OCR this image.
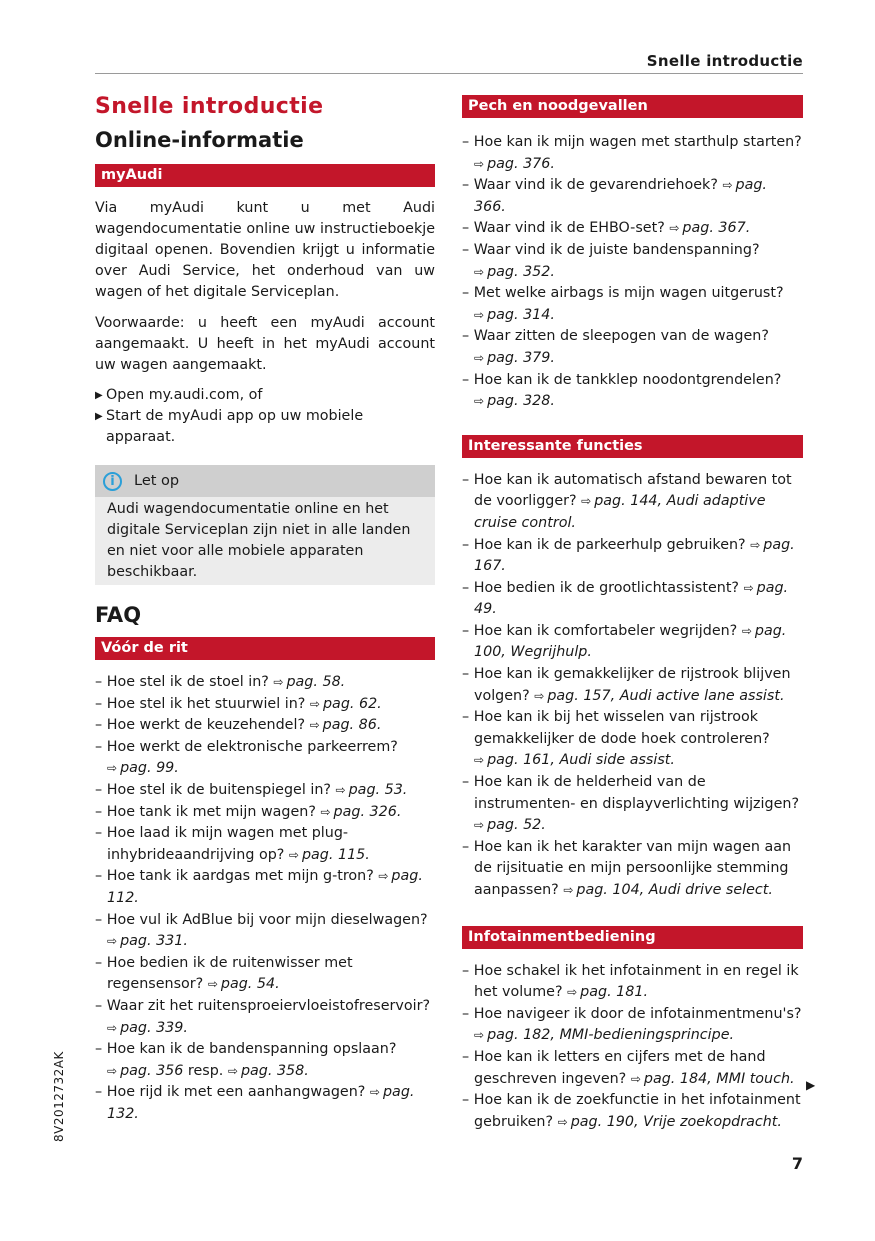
Snelle introductie
Snelle introductie
Online-informatie
myAudi

Via myAudi kunt u met Audi wagendocumentatie online uw instructieboekje digitaal openen. Bovendien krijgt u informatie over Audi Service, het onderhoud van uw wagen of het digitale Serviceplan.

Voorwaarde: u heeft een myAudi account aangemaakt. U heeft in het myAudi account uw wagen aangemaakt.

▶ Open my.audi.com, of
▶ Start de myAudi app op uw mobiele apparaat.
i	Let op
Audi wagendocumentatie online en het digitale Serviceplan zijn niet in alle landen en niet voor alle mobiele apparaten beschikbaar.
FAQ
Vóór de rit
– Hoe stel ik de stoel in? ⇨ pag. 58.
– Hoe stel ik het stuurwiel in? ⇨ pag. 62.
– Hoe werkt de keuzehendel? ⇨ pag. 86.
– Hoe werkt de elektronische parkeerrem? ⇨ pag. 99.
– Hoe stel ik de buitenspiegel in? ⇨ pag. 53.
– Hoe tank ik met mijn wagen? ⇨ pag. 326.
– Hoe laad ik mijn wagen met plug-inhybrideaandrijving op? ⇨ pag. 115.
– Hoe tank ik aardgas met mijn g-tron? ⇨ pag. 112.
– Hoe vul ik AdBlue bij voor mijn dieselwagen? ⇨ pag. 331.
– Hoe bedien ik de ruitenwisser met regensensor? ⇨ pag. 54.
– Waar zit het ruitensproeiervloeistofreservoir? ⇨ pag. 339.
– Hoe kan ik de bandenspanning opslaan? ⇨ pag. 356 resp. ⇨ pag. 358.
– Hoe rijd ik met een aanhangwagen? ⇨ pag. 132.
Pech en noodgevallen
– Hoe kan ik mijn wagen met starthulp starten? ⇨ pag. 376.
– Waar vind ik de gevarendriehoek? ⇨ pag. 366.
– Waar vind ik de EHBO-set? ⇨ pag. 367.
– Waar vind ik de juiste bandenspanning? ⇨ pag. 352.
– Met welke airbags is mijn wagen uitgerust? ⇨ pag. 314.
– Waar zitten de sleepogen van de wagen? ⇨ pag. 379.
– Hoe kan ik de tankklep noodontgrendelen? ⇨ pag. 328.
Interessante functies
– Hoe kan ik automatisch afstand bewaren tot de voorligger? ⇨ pag. 144, Audi adaptive cruise control.
– Hoe kan ik de parkeerhulp gebruiken? ⇨ pag. 167.
– Hoe bedien ik de grootlichtassistent? ⇨ pag. 49.
– Hoe kan ik comfortabeler wegrijden? ⇨ pag. 100, Wegrijhulp.
– Hoe kan ik gemakkelijker de rijstrook blijven volgen? ⇨ pag. 157, Audi active lane assist.
– Hoe kan ik bij het wisselen van rijstrook gemakkelijker de dode hoek controleren? ⇨ pag. 161, Audi side assist.
– Hoe kan ik de helderheid van de instrumenten- en displayverlichting wijzigen? ⇨ pag. 52.
– Hoe kan ik het karakter van mijn wagen aan de rijsituatie en mijn persoonlijke stemming aanpassen? ⇨ pag. 104, Audi drive select.
Infotainmentbediening
– Hoe schakel ik het infotainment in en regel ik het volume? ⇨ pag. 181.
– Hoe navigeer ik door de infotainmentmenu's? ⇨ pag. 182, MMI-bedieningsprincipe.
– Hoe kan ik letters en cijfers met de hand geschreven ingeven? ⇨ pag. 184, MMI touch.
– Hoe kan ik de zoekfunctie in het infotainment gebruiken? ⇨ pag. 190, Vrije zoekopdracht.
▶
8V2012732AK
7
